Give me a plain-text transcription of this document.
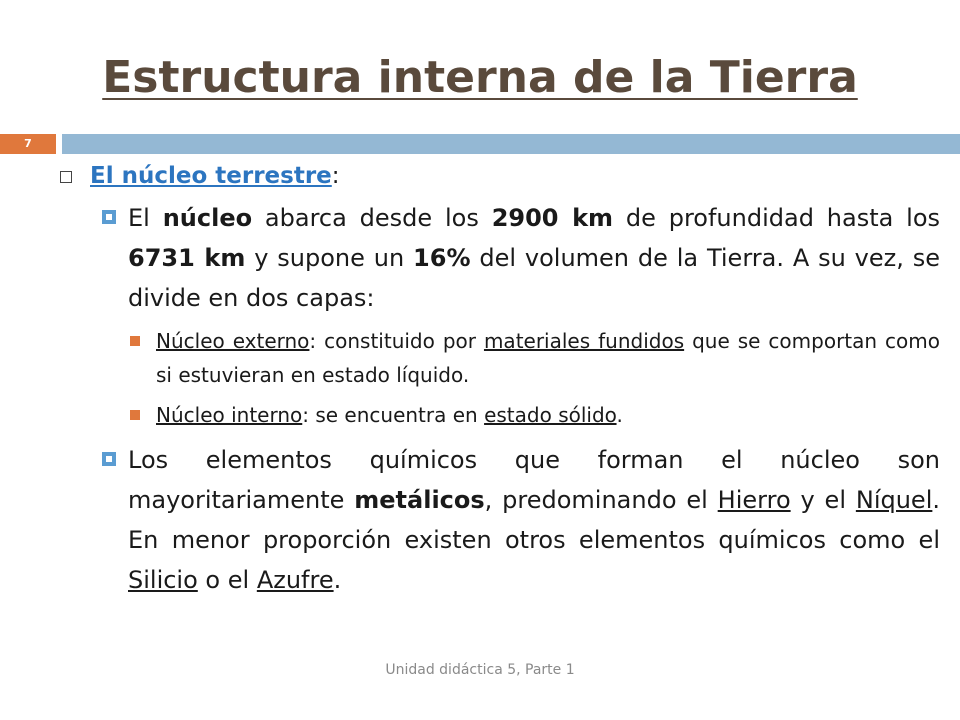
Estructura interna de la Tierra
7
El núcleo terrestre:
El núcleo abarca desde los 2900 km de profundidad hasta los 6731 km y supone un 16% del volumen de la Tierra. A su vez, se divide en dos capas:
Núcleo externo: constituido por materiales fundidos que se comportan como si estuvieran en estado líquido.
Núcleo interno: se encuentra en estado sólido.
Los elementos químicos que forman el núcleo son mayoritariamente metálicos, predominando el Hierro y el Níquel. En menor proporción existen otros elementos químicos como el Silicio o el Azufre.
Unidad didáctica 5, Parte 1
